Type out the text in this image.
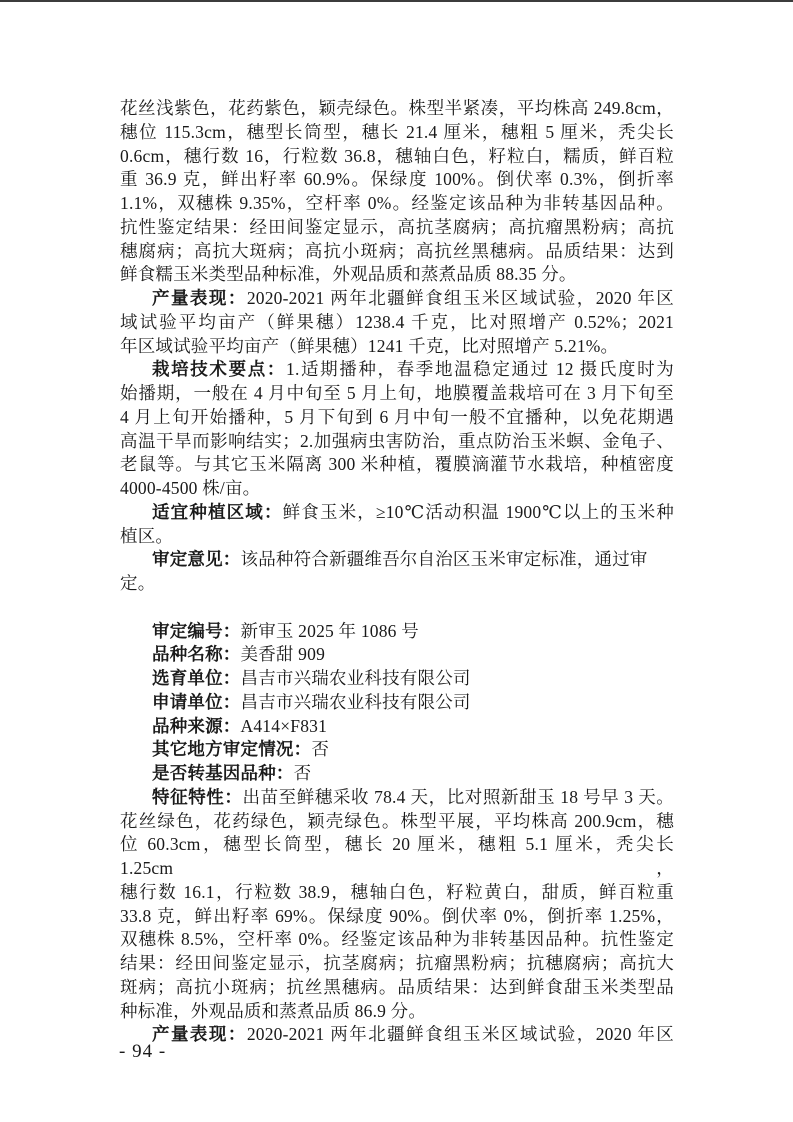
花丝浅紫色，花药紫色，颖壳绿色。株型半紧凑，平均株高 249.8cm，
穗位 115.3cm，穗型长筒型，穗长 21.4 厘米，穗粗 5 厘米，秃尖长
0.6cm，穗行数 16，行粒数 36.8，穗轴白色，籽粒白，糯质，鲜百粒
重 36.9 克，鲜出籽率 60.9%。保绿度 100%。倒伏率 0.3%，倒折率
1.1%，双穗株 9.35%，空杆率 0%。经鉴定该品种为非转基因品种。
抗性鉴定结果：经田间鉴定显示，高抗茎腐病；高抗瘤黑粉病；高抗
穗腐病；高抗大斑病；高抗小斑病；高抗丝黑穗病。品质结果：达到
鲜食糯玉米类型品种标准，外观品质和蒸煮品质 88.35 分。
产量表现：2020-2021 两年北疆鲜食组玉米区域试验，2020 年区
域试验平均亩产（鲜果穗）1238.4 千克，比对照增产 0.52%；2021
年区域试验平均亩产（鲜果穗）1241 千克，比对照增产 5.21%。
栽培技术要点：1.适期播种，春季地温稳定通过 12 摄氏度时为
始播期，一般在 4 月中旬至 5 月上旬，地膜覆盖栽培可在 3 月下旬至
4 月上旬开始播种，5 月下旬到 6 月中旬一般不宜播种，以免花期遇
高温干旱而影响结实；2.加强病虫害防治，重点防治玉米螟、金龟子、
老鼠等。与其它玉米隔离 300 米种植，覆膜滴灌节水栽培，种植密度
4000-4500 株/亩。
适宜种植区域：鲜食玉米，≥10℃活动积温 1900℃以上的玉米种
植区。
审定意见：该品种符合新疆维吾尔自治区玉米审定标准，通过审定。
审定编号：新审玉 2025 年 1086 号
品种名称：美香甜 909
选育单位：昌吉市兴瑞农业科技有限公司
申请单位：昌吉市兴瑞农业科技有限公司
品种来源：A414×F831
其它地方审定情况：否
是否转基因品种：否
特征特性：出苗至鲜穗采收 78.4 天，比对照新甜玉 18 号早 3 天。
花丝绿色，花药绿色，颖壳绿色。株型平展，平均株高 200.9cm，穗
位 60.3cm，穗型长筒型，穗长 20 厘米，穗粗 5.1 厘米，秃尖长 1.25cm，
穗行数 16.1，行粒数 38.9，穗轴白色，籽粒黄白，甜质，鲜百粒重
33.8 克，鲜出籽率 69%。保绿度 90%。倒伏率 0%，倒折率 1.25%，
双穗株 8.5%，空杆率 0%。经鉴定该品种为非转基因品种。抗性鉴定
结果：经田间鉴定显示，抗茎腐病；抗瘤黑粉病；抗穗腐病；高抗大
斑病；高抗小斑病；抗丝黑穗病。品质结果：达到鲜食甜玉米类型品
种标准，外观品质和蒸煮品质 86.9 分。
产量表现：2020-2021 两年北疆鲜食组玉米区域试验，2020 年区
- 94 -
